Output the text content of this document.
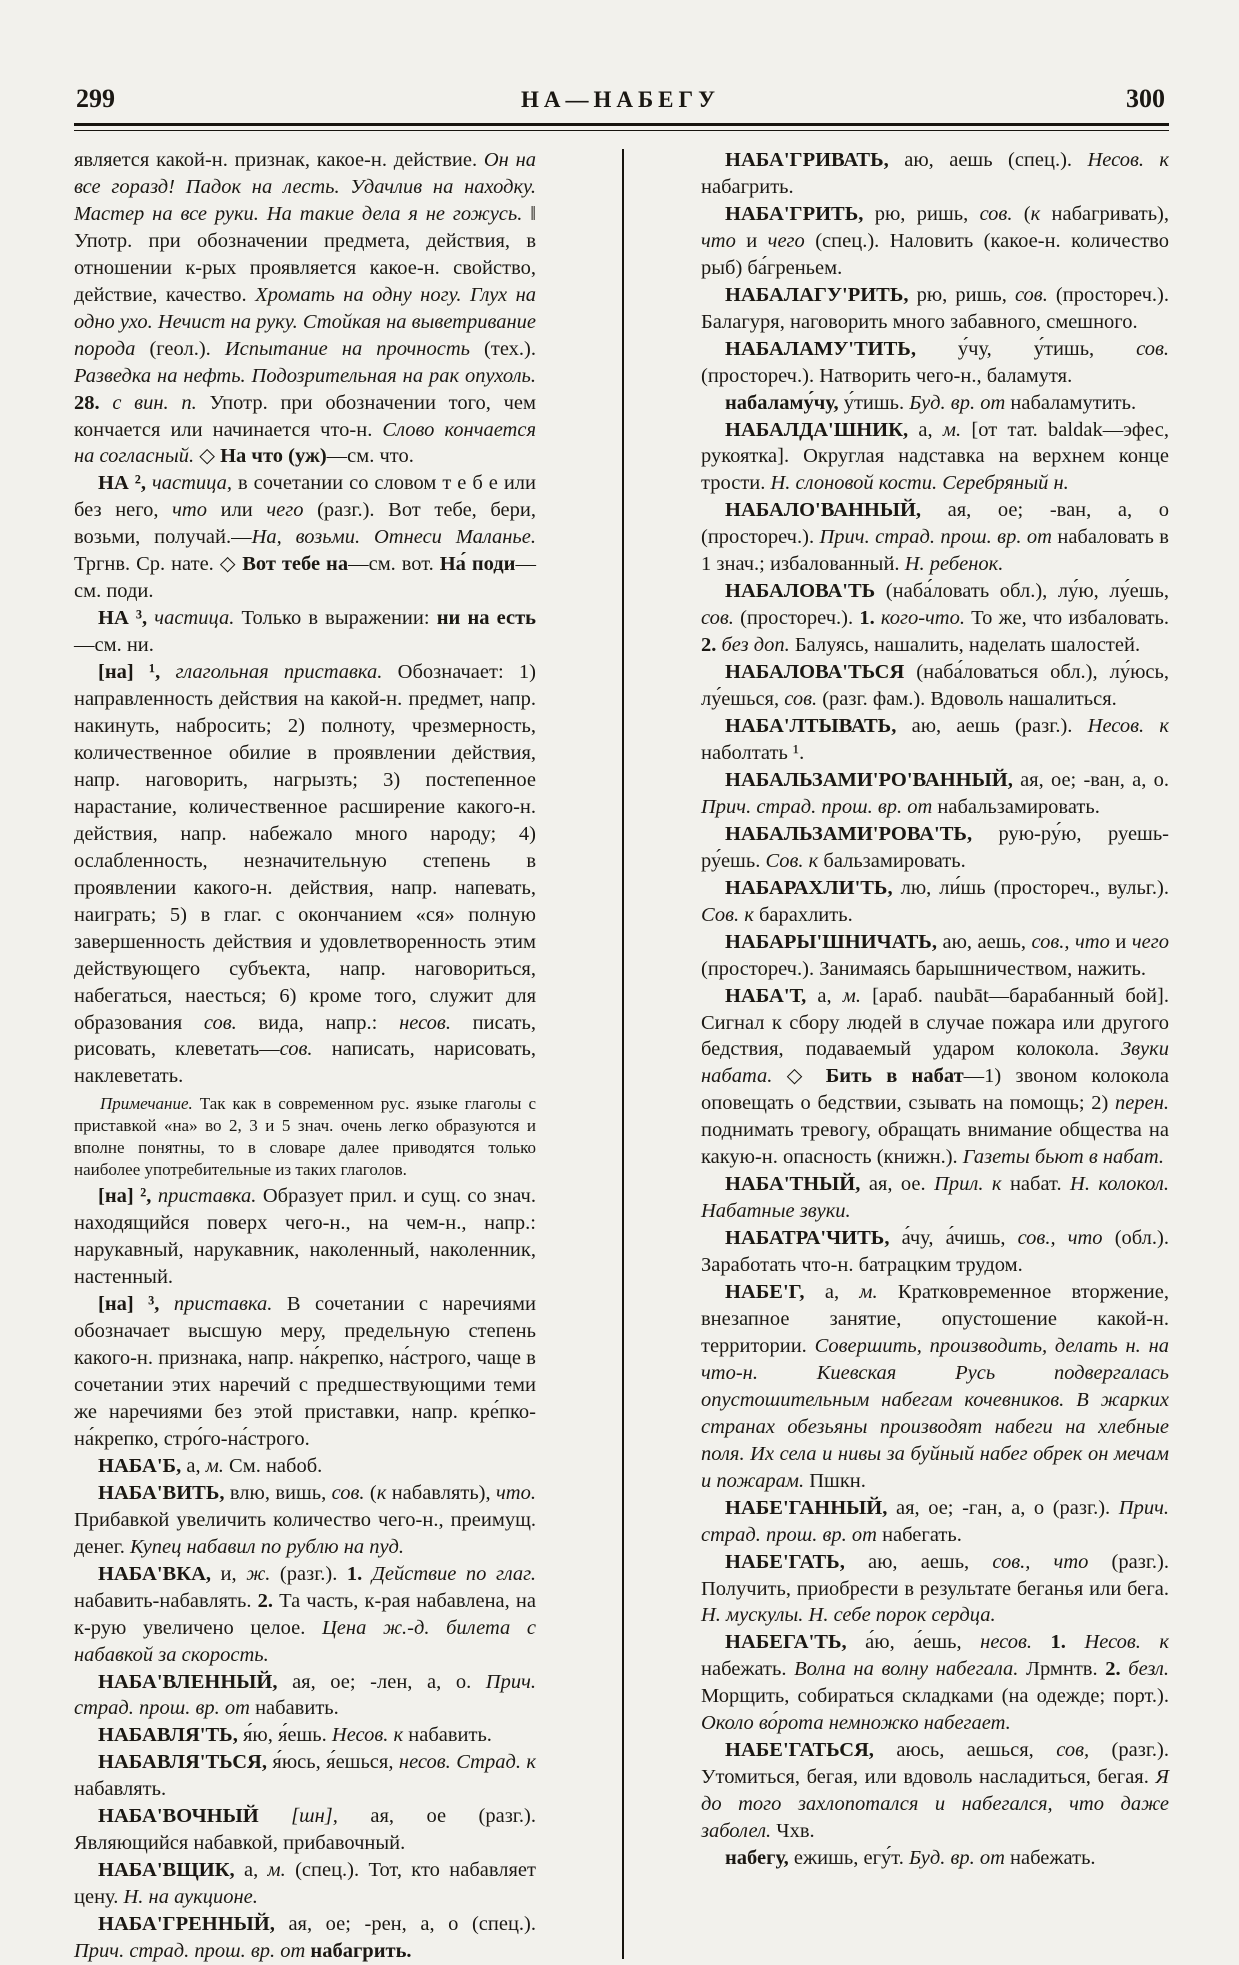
299	НА—НАБЕГУ	300

является какой-н. признак, какое-н. действие. Он на все горазд! Падок на лесть. Удачлив на находку. Мастер на все руки. На такие дела я не гожусь. ‖ Употр. при обозначении предмета, действия, в отношении к-рых проявляется какое-н. свойство, действие, качество. Хромать на одну ногу. Глух на одно ухо. Нечист на руку. Стойкая на выветривание порода (геол.). Испытание на прочность (тех.). Разведка на нефть. Подозрительная на рак опухоль. 28. с вин. п. Употр. при обозначении того, чем кончается или начинается что-н. Слово кончается на согласный. ◇ На что (уж)—см. что.

НА ², частица, в сочетании со словом т е б е или без него, что или чего (разг.). Вот тебе, бери, возьми, получай.—На, возьми. Отнеси Маланье. Тргнв. Ср. нате. ◇ Вот тебе на—см. вот. На́ поди—см. поди.

НА ³, частица. Только в выражении: ни на есть—см. ни.

[на] ¹, глагольная приставка. Обозначает: 1) направленность действия на какой-н. предмет, напр. накинуть, набросить; 2) полноту, чрезмерность, количественное обилие в проявлении действия, напр. наговорить, нагрызть; 3) постепенное нарастание, количественное расширение какого-н. действия, напр. набежало много народу; 4) ослабленность, незначительную степень в проявлении какого-н. действия, напр. напевать, наиграть; 5) в глаг. с окончанием «ся» полную завершенность действия и удовлетворенность этим действующего субъекта, напр. наговориться, набегаться, наесться; 6) кроме того, служит для образования сов. вида, напр.: несов. писать, рисовать, клеветать—сов. написать, нарисовать, наклеветать.

Примечание. Так как в современном рус. языке глаголы с приставкой «на» во 2, 3 и 5 знач. очень легко образуются и вполне понятны, то в словаре далее приводятся только наиболее употребительные из таких глаголов.

[на] ², приставка. Образует прил. и сущ. со знач. находящийся поверх чего-н., на чем-н., напр.: нарукавный, нарукавник, наколенный, наколенник, настенный.

[на] ³, приставка. В сочетании с наречиями обозначает высшую меру, предельную степень какого-н. признака, напр. на́крепко, на́строго, чаще в сочетании этих наречий с предшествующими теми же наречиями без этой приставки, напр. кре́пко-на́крепко, стро́го-на́строго.

НАБА'Б, а, м. См. набоб.

НАБА'ВИТЬ, влю, вишь, сов. (к набавлять), что. Прибавкой увеличить количество чего-н., преимущ. денег. Купец набавил по рублю на пуд.

НАБА'ВКА, и, ж. (разг.). 1. Действие по глаг. набавить-набавлять. 2. Та часть, к-рая набавлена, на к-рую увеличено целое. Цена ж.-д. билета с набавкой за скорость.

НАБА'ВЛЕННЫЙ, ая, ое; -лен, а, о. Прич. страд. прош. вр. от набавить.

НАБАВЛЯ'ТЬ, я́ю, я́ешь. Несов. к набавить.

НАБАВЛЯ'ТЬСЯ, я́юсь, я́ешься, несов. Страд. к набавлять.

НАБА'ВОЧНЫЙ [шн], ая, ое (разг.). Являющийся набавкой, прибавочный.

НАБА'ВЩИК, а, м. (спец.). Тот, кто набавляет цену. Н. на аукционе.

НАБА'ГРЕННЫЙ, ая, ое; -рен, а, о (спец.). Прич. страд. прош. вр. от набагрить.

НАБА'ГРИВАТЬ, аю, аешь (спец.). Несов. к набагрить.

НАБА'ГРИТЬ, рю, ришь, сов. (к набагривать), что и чего (спец.). Наловить (какое-н. количество рыб) ба́греньем.

НАБАЛАГУ'РИТЬ, рю, ришь, сов. (простореч.). Балагуря, наговорить много забавного, смешного.

НАБАЛАМУ'ТИТЬ, у́чу, у́тишь, сов. (простореч.). Натворить чего-н., баламутя.

набаламу́чу, у́тишь. Буд. вр. от набаламутить.

НАБАЛДА'ШНИК, а, м. [от тат. baldak—эфес, рукоятка]. Округлая надставка на верхнем конце трости. Н. слоновой кости. Серебряный н.

НАБАЛО'ВАННЫЙ, ая, ое; -ван, а, о (простореч.). Прич. страд. прош. вр. от набаловать в 1 знач.; избалованный. Н. ребенок.

НАБАЛОВА'ТЬ (наба́ловать обл.), лу́ю, лу́ешь, сов. (простореч.). 1. кого-что. То же, что избаловать. 2. без доп. Балуясь, нашалить, наделать шалостей.

НАБАЛОВА'ТЬСЯ (наба́ловаться обл.), лу́юсь, лу́ешься, сов. (разг. фам.). Вдоволь нашалиться.

НАБА'ЛТЫВАТЬ, аю, аешь (разг.). Несов. к наболтать ¹.

НАБАЛЬЗАМИ'РО'ВАННЫЙ, ая, ое; -ван, а, о. Прич. страд. прош. вр. от набальзамировать.

НАБАЛЬЗАМИ'РОВА'ТЬ, рую-ру́ю, руешь-ру́ешь. Сов. к бальзамировать.

НАБАРАХЛИ'ТЬ, лю, ли́шь (простореч., вульг.). Сов. к барахлить.

НАБАРЫ'ШНИЧАТЬ, аю, аешь, сов., что и чего (простореч.). Занимаясь барышничеством, нажить.

НАБА'Т, а, м. [араб. naubāt—барабанный бой]. Сигнал к сбору людей в случае пожара или другого бедствия, подаваемый ударом колокола. Звуки набата. ◇ Бить в набат—1) звоном колокола оповещать о бедствии, сзывать на помощь; 2) перен. поднимать тревогу, обращать внимание общества на какую-н. опасность (книжн.). Газеты бьют в набат.

НАБА'ТНЫЙ, ая, ое. Прил. к набат. Н. колокол. Набатные звуки.

НАБАТРА'ЧИТЬ, а́чу, а́чишь, сов., что (обл.). Заработать что-н. батрацким трудом.

НАБЕ'Г, а, м. Кратковременное вторжение, внезапное занятие, опустошение какой-н. территории. Совершить, производить, делать н. на что-н. Киевская Русь подвергалась опустошительным набегам кочевников. В жарких странах обезьяны производят набеги на хлебные поля. Их села и нивы за буйный набег обрек он мечам и пожарам. Пшкн.

НАБЕ'ГАННЫЙ, ая, ое; -ган, а, о (разг.). Прич. страд. прош. вр. от набегать.

НАБЕ'ГАТЬ, аю, аешь, сов., что (разг.). Получить, приобрести в результате беганья или бега. Н. мускулы. Н. себе порок сердца.

НАБЕГА'ТЬ, а́ю, а́ешь, несов. 1. Несов. к набежать. Волна на волну набегала. Лрмнтв. 2. безл. Морщить, собираться складками (на одежде; порт.). Около во́рота немножко набегает.

НАБЕ'ГАТЬСЯ, аюсь, аешься, сов, (разг.). Утомиться, бегая, или вдоволь насладиться, бегая. Я до того захлопотался и набегался, что даже заболел. Чхв.

набегу, ежишь, егу́т. Буд. вр. от набежать.
